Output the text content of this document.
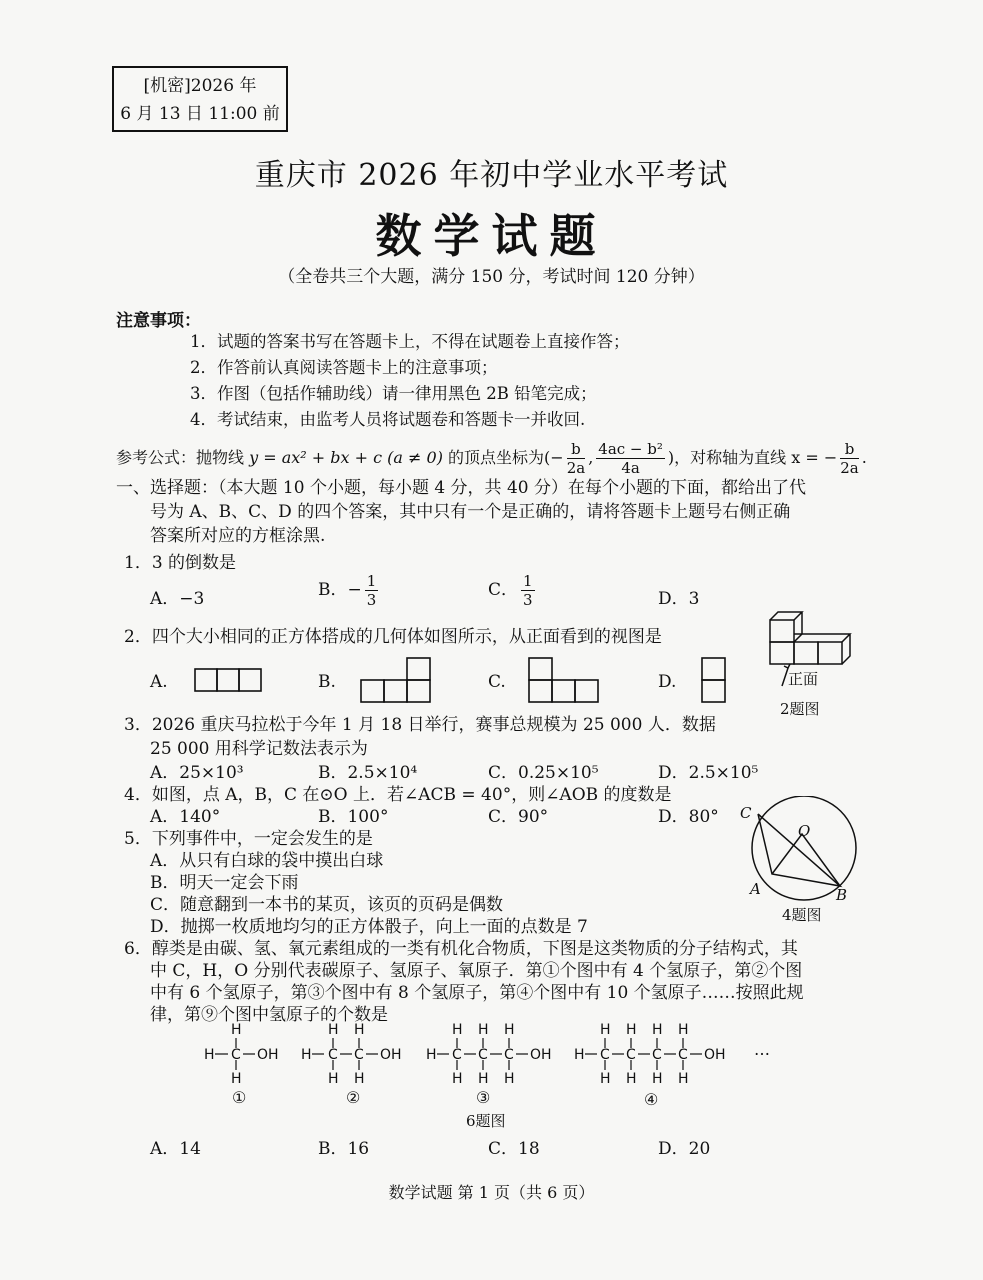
[机密]2026 年
6 月 13 日 11:00 前
重庆市 2026 年初中学业水平考试
数学试题
（全卷共三个大题，满分 150 分，考试时间 120 分钟）
注意事项：
1．试题的答案书写在答题卡上，不得在试题卷上直接作答；
2．作答前认真阅读答题卡上的注意事项；
3．作图（包括作辅助线）请一律用黑色 2B 铅笔完成；
4．考试结束，由监考人员将试题卷和答题卡一并收回.
参考公式：抛物线 y = ax² + bx + c (a ≠ 0) 的顶点坐标为(− $\frac{b}{2a}$ , $\frac{\text{4ac − b²}}{4a}$ )，对称轴为直线 x = − $\frac{b}{2a}$ .
一、选择题：（本大题 10 个小题，每小题 4 分，共 40 分）在每个小题的下面，都给出了代
号为 A、B、C、D 的四个答案，其中只有一个是正确的，请将答题卡上题号右侧正确
答案所对应的方框涂黑.
1．3 的倒数是
A．−3	B．− $\frac{1}{3}$	C． $\frac{1}{3}$	D．3
2．四个大小相同的正方体搭成的几何体如图所示，从正面看到的视图是
A.	B.	C.	D.	正面
2题图
3．2026 重庆马拉松于今年 1 月 18 日举行，赛事总规模为 25 000 人．数据
25 000 用科学记数法表示为
A．25×10³	B．2.5×10⁴	C．0.25×10⁵	D．2.5×10⁵
4．如图，点 A，B，C 在⊙O 上．若∠ACB = 40°，则∠AOB 的度数是
A．140°	B．100°	C．90°	D．80° C
O
A	B
4题图
5．下列事件中，一定会发生的是
A．从只有白球的袋中摸出白球
B．明天一定会下雨
C．随意翻到一本书的某页，该页的页码是偶数
D．抛掷一枚质地均匀的正方体骰子，向上一面的点数是 7
6．醇类是由碳、氢、氧元素组成的一类有机化合物质，下图是这类物质的分子结构式，其
中 C，H，O 分别代表碳原子、氢原子、氧原子．第①个图中有 4 个氢原子，第②个图
中有 6 个氢原子，第③个图中有 8 个氢原子，第④个图中有 10 个氢原子……按照此规
律，第⑨个图中氢原子的个数是
H
H C OH
H
H
H H
C C OH
H H
H
H H H
C C C OH
H H H
H
H H H H
C C C C OH
H H H H
①	②	③	④
…
6题图
A．14	B．16	C．18	D．20
数学试题 第 1 页（共 6 页）
